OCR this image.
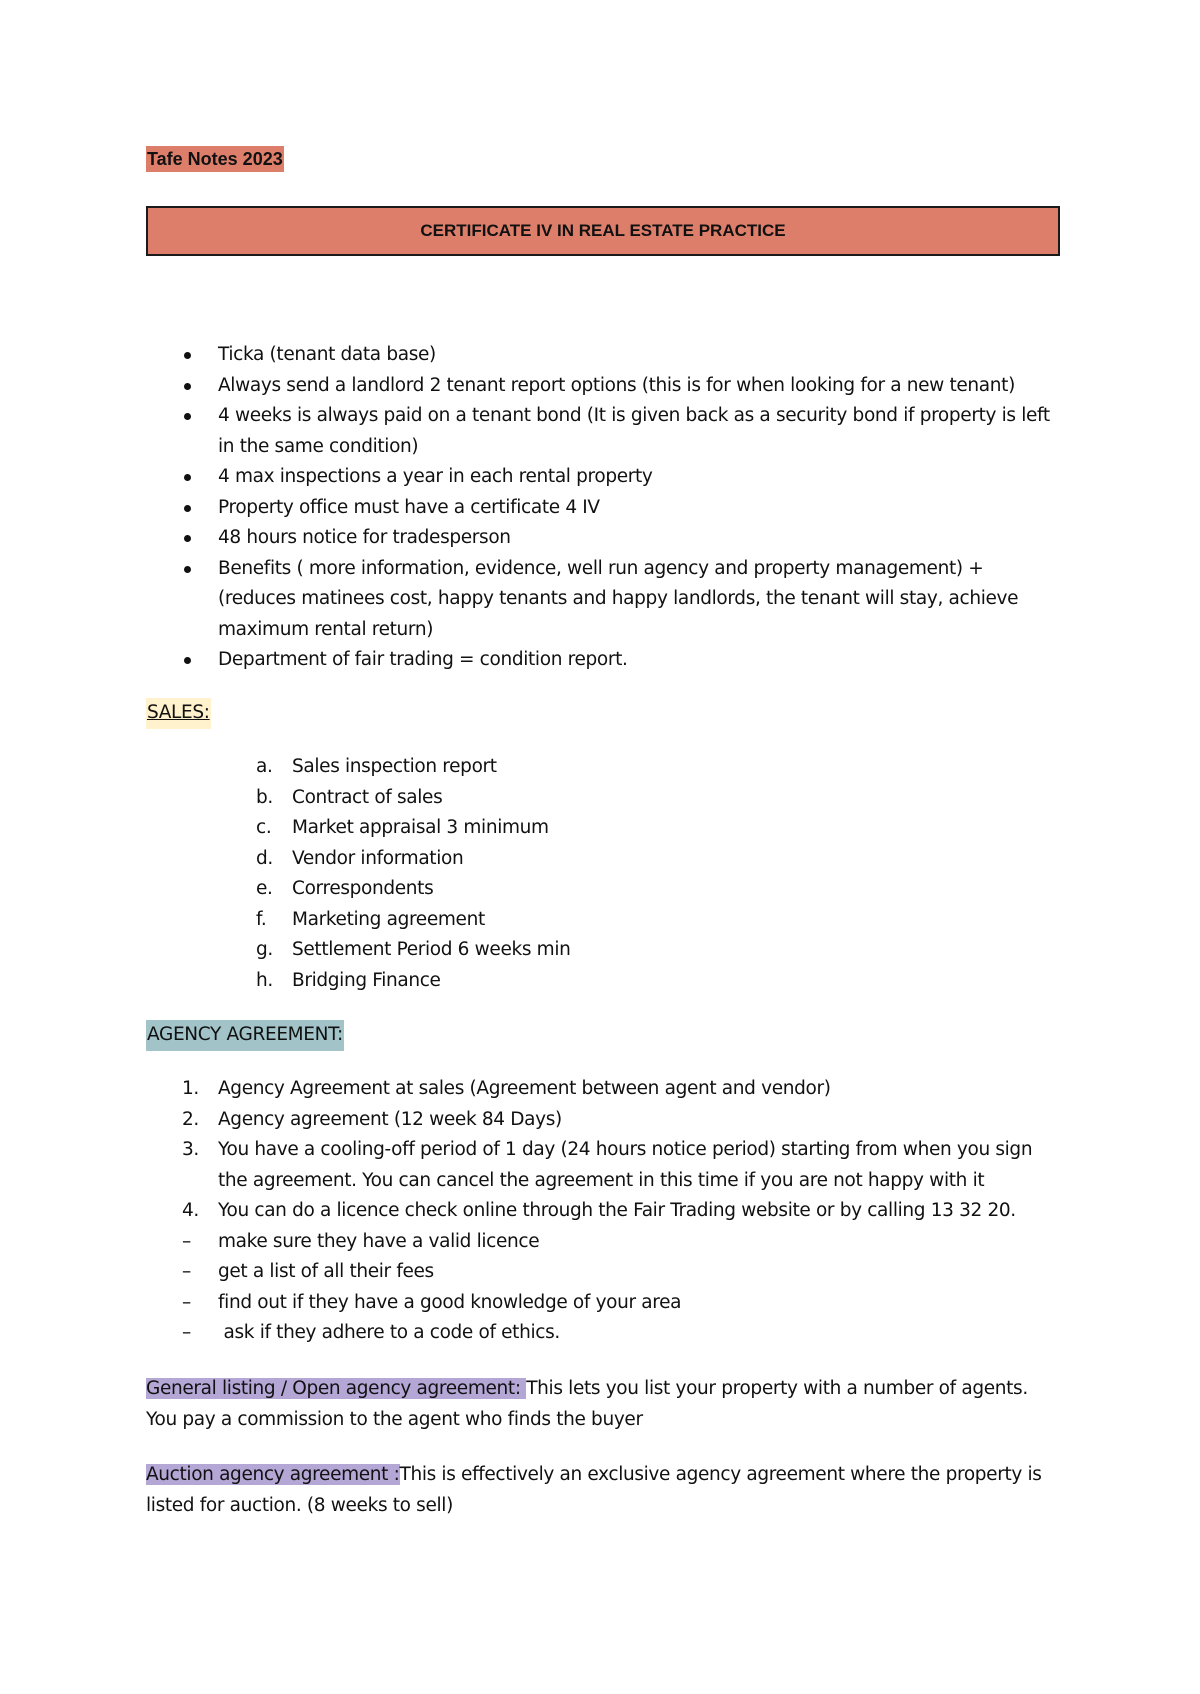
Tafe Notes 2023
CERTIFICATE IV IN REAL ESTATE PRACTICE
Ticka (tenant data base)
Always send a landlord 2 tenant report options (this is for when looking for a new tenant)
4 weeks is always paid on a tenant bond (It is given back as a security bond if property is left in the same condition)
4 max inspections a year in each rental property
Property office must have a certificate 4 IV
48 hours notice for tradesperson
Benefits ( more information, evidence, well run agency and property management) + (reduces matinees cost, happy tenants and happy landlords, the tenant will stay, achieve maximum rental return)
Department of fair trading = condition report.
SALES:
a. Sales inspection report
b. Contract of sales
c. Market appraisal 3 minimum
d. Vendor information
e. Correspondents
f. Marketing agreement
g. Settlement Period 6 weeks min
h. Bridging Finance
AGENCY AGREEMENT:
1. Agency Agreement at sales (Agreement between agent and vendor)
2. Agency agreement (12 week 84 Days)
3. You have a cooling-off period of 1 day (24 hours notice period) starting from when you sign the agreement. You can cancel the agreement in this time if you are not happy with it
4. You can do a licence check online through the Fair Trading website or by calling 13 32 20.
– make sure they have a valid licence
– get a list of all their fees
– find out if they have a good knowledge of your area
– ask if they adhere to a code of ethics.

General listing / Open agency agreement: This lets you list your property with a number of agents. You pay a commission to the agent who finds the buyer

Auction agency agreement :This is effectively an exclusive agency agreement where the property is listed for auction. (8 weeks to sell)
